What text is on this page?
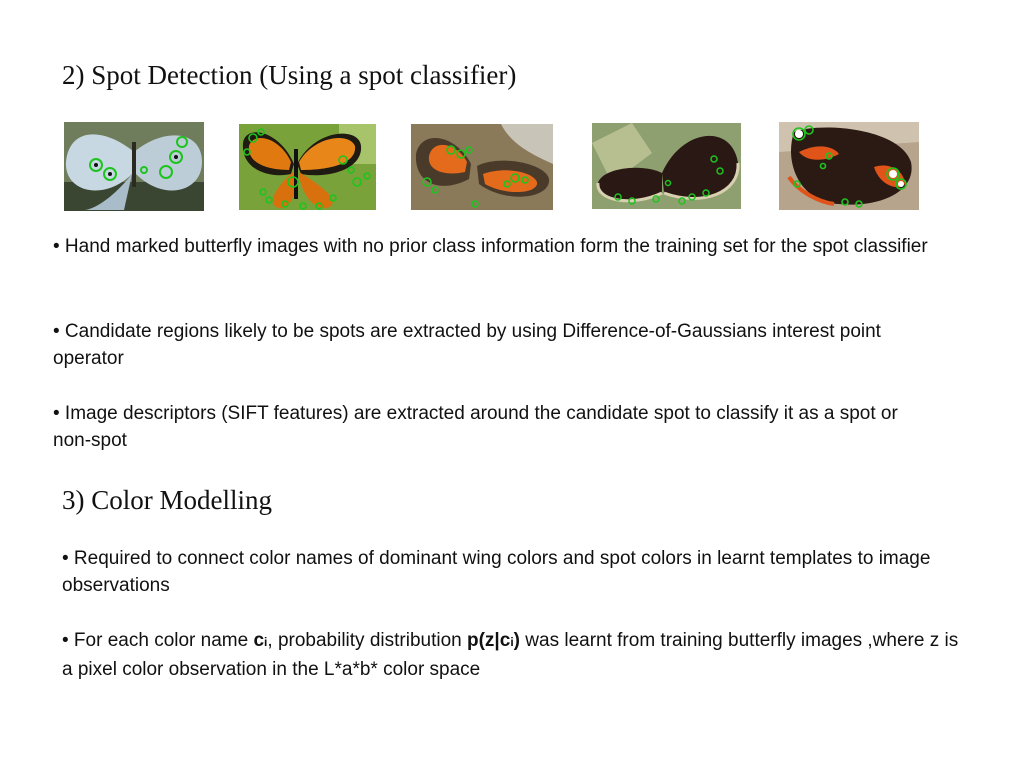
2) Spot Detection (Using a spot classifier)

• Hand marked butterfly images with no prior class information form the training set for the spot classifier

• Candidate regions likely to be spots are extracted by using Difference-of-Gaussians interest point operator

• Image descriptors (SIFT features) are extracted around the candidate spot to classify it as a spot or non-spot

3) Color Modelling

• Required to connect color names of dominant wing colors and spot colors in learnt templates to image observations

• For each color name ci, probability distribution p(z|ci) was learnt from training butterfly images ,where z is a pixel color observation in the L*a*b* color space
